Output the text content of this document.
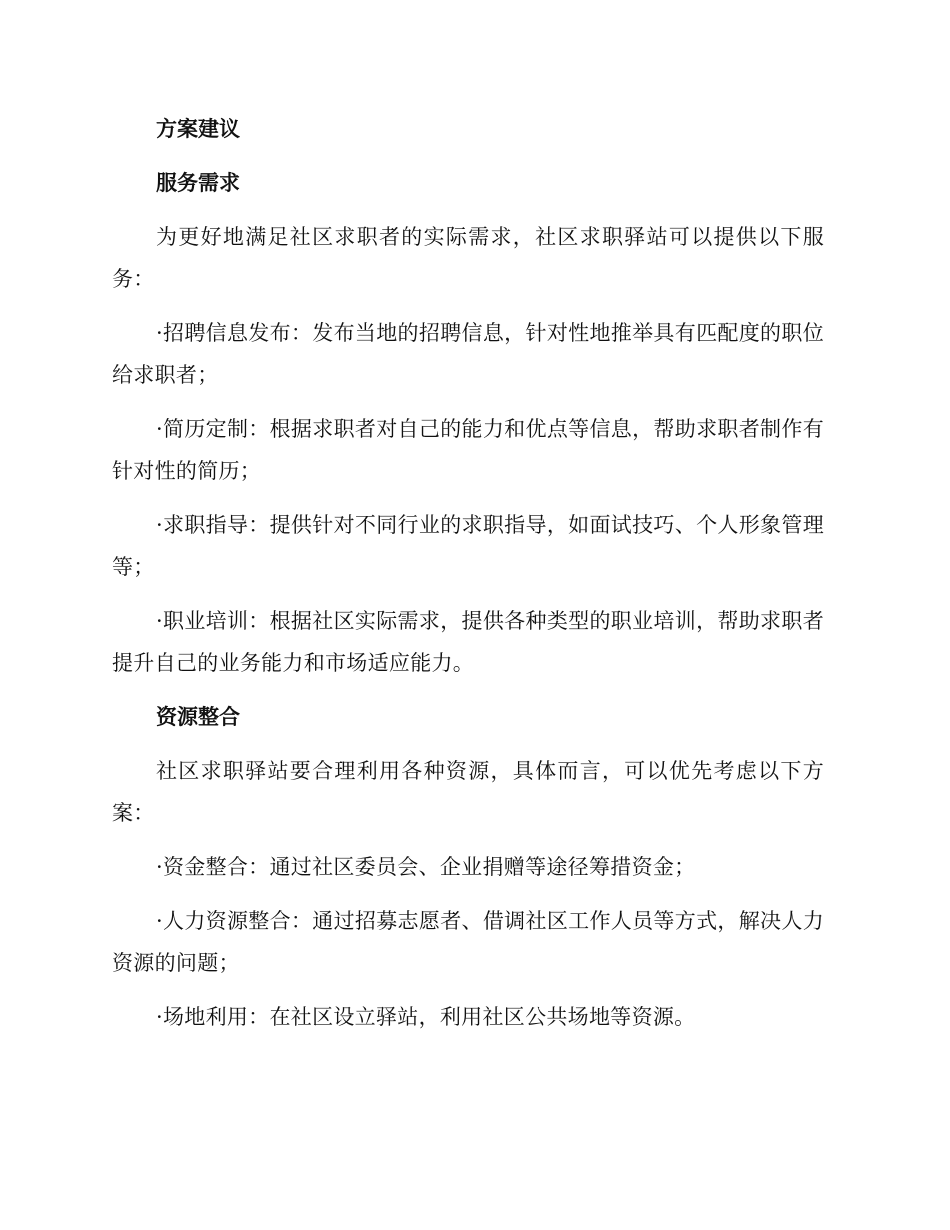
方案建议
服务需求

为更好地满足社区求职者的实际需求，社区求职驿站可以提供以下服务：

·招聘信息发布：发布当地的招聘信息，针对性地推举具有匹配度的职位给求职者；

·简历定制：根据求职者对自己的能力和优点等信息，帮助求职者制作有针对性的简历；

·求职指导：提供针对不同行业的求职指导，如面试技巧、个人形象管理等；

·职业培训：根据社区实际需求，提供各种类型的职业培训，帮助求职者提升自己的业务能力和市场适应能力。

资源整合

社区求职驿站要合理利用各种资源，具体而言，可以优先考虑以下方案：

·资金整合：通过社区委员会、企业捐赠等途径筹措资金；

·人力资源整合：通过招募志愿者、借调社区工作人员等方式，解决人力资源的问题；

·场地利用：在社区设立驿站，利用社区公共场地等资源。
